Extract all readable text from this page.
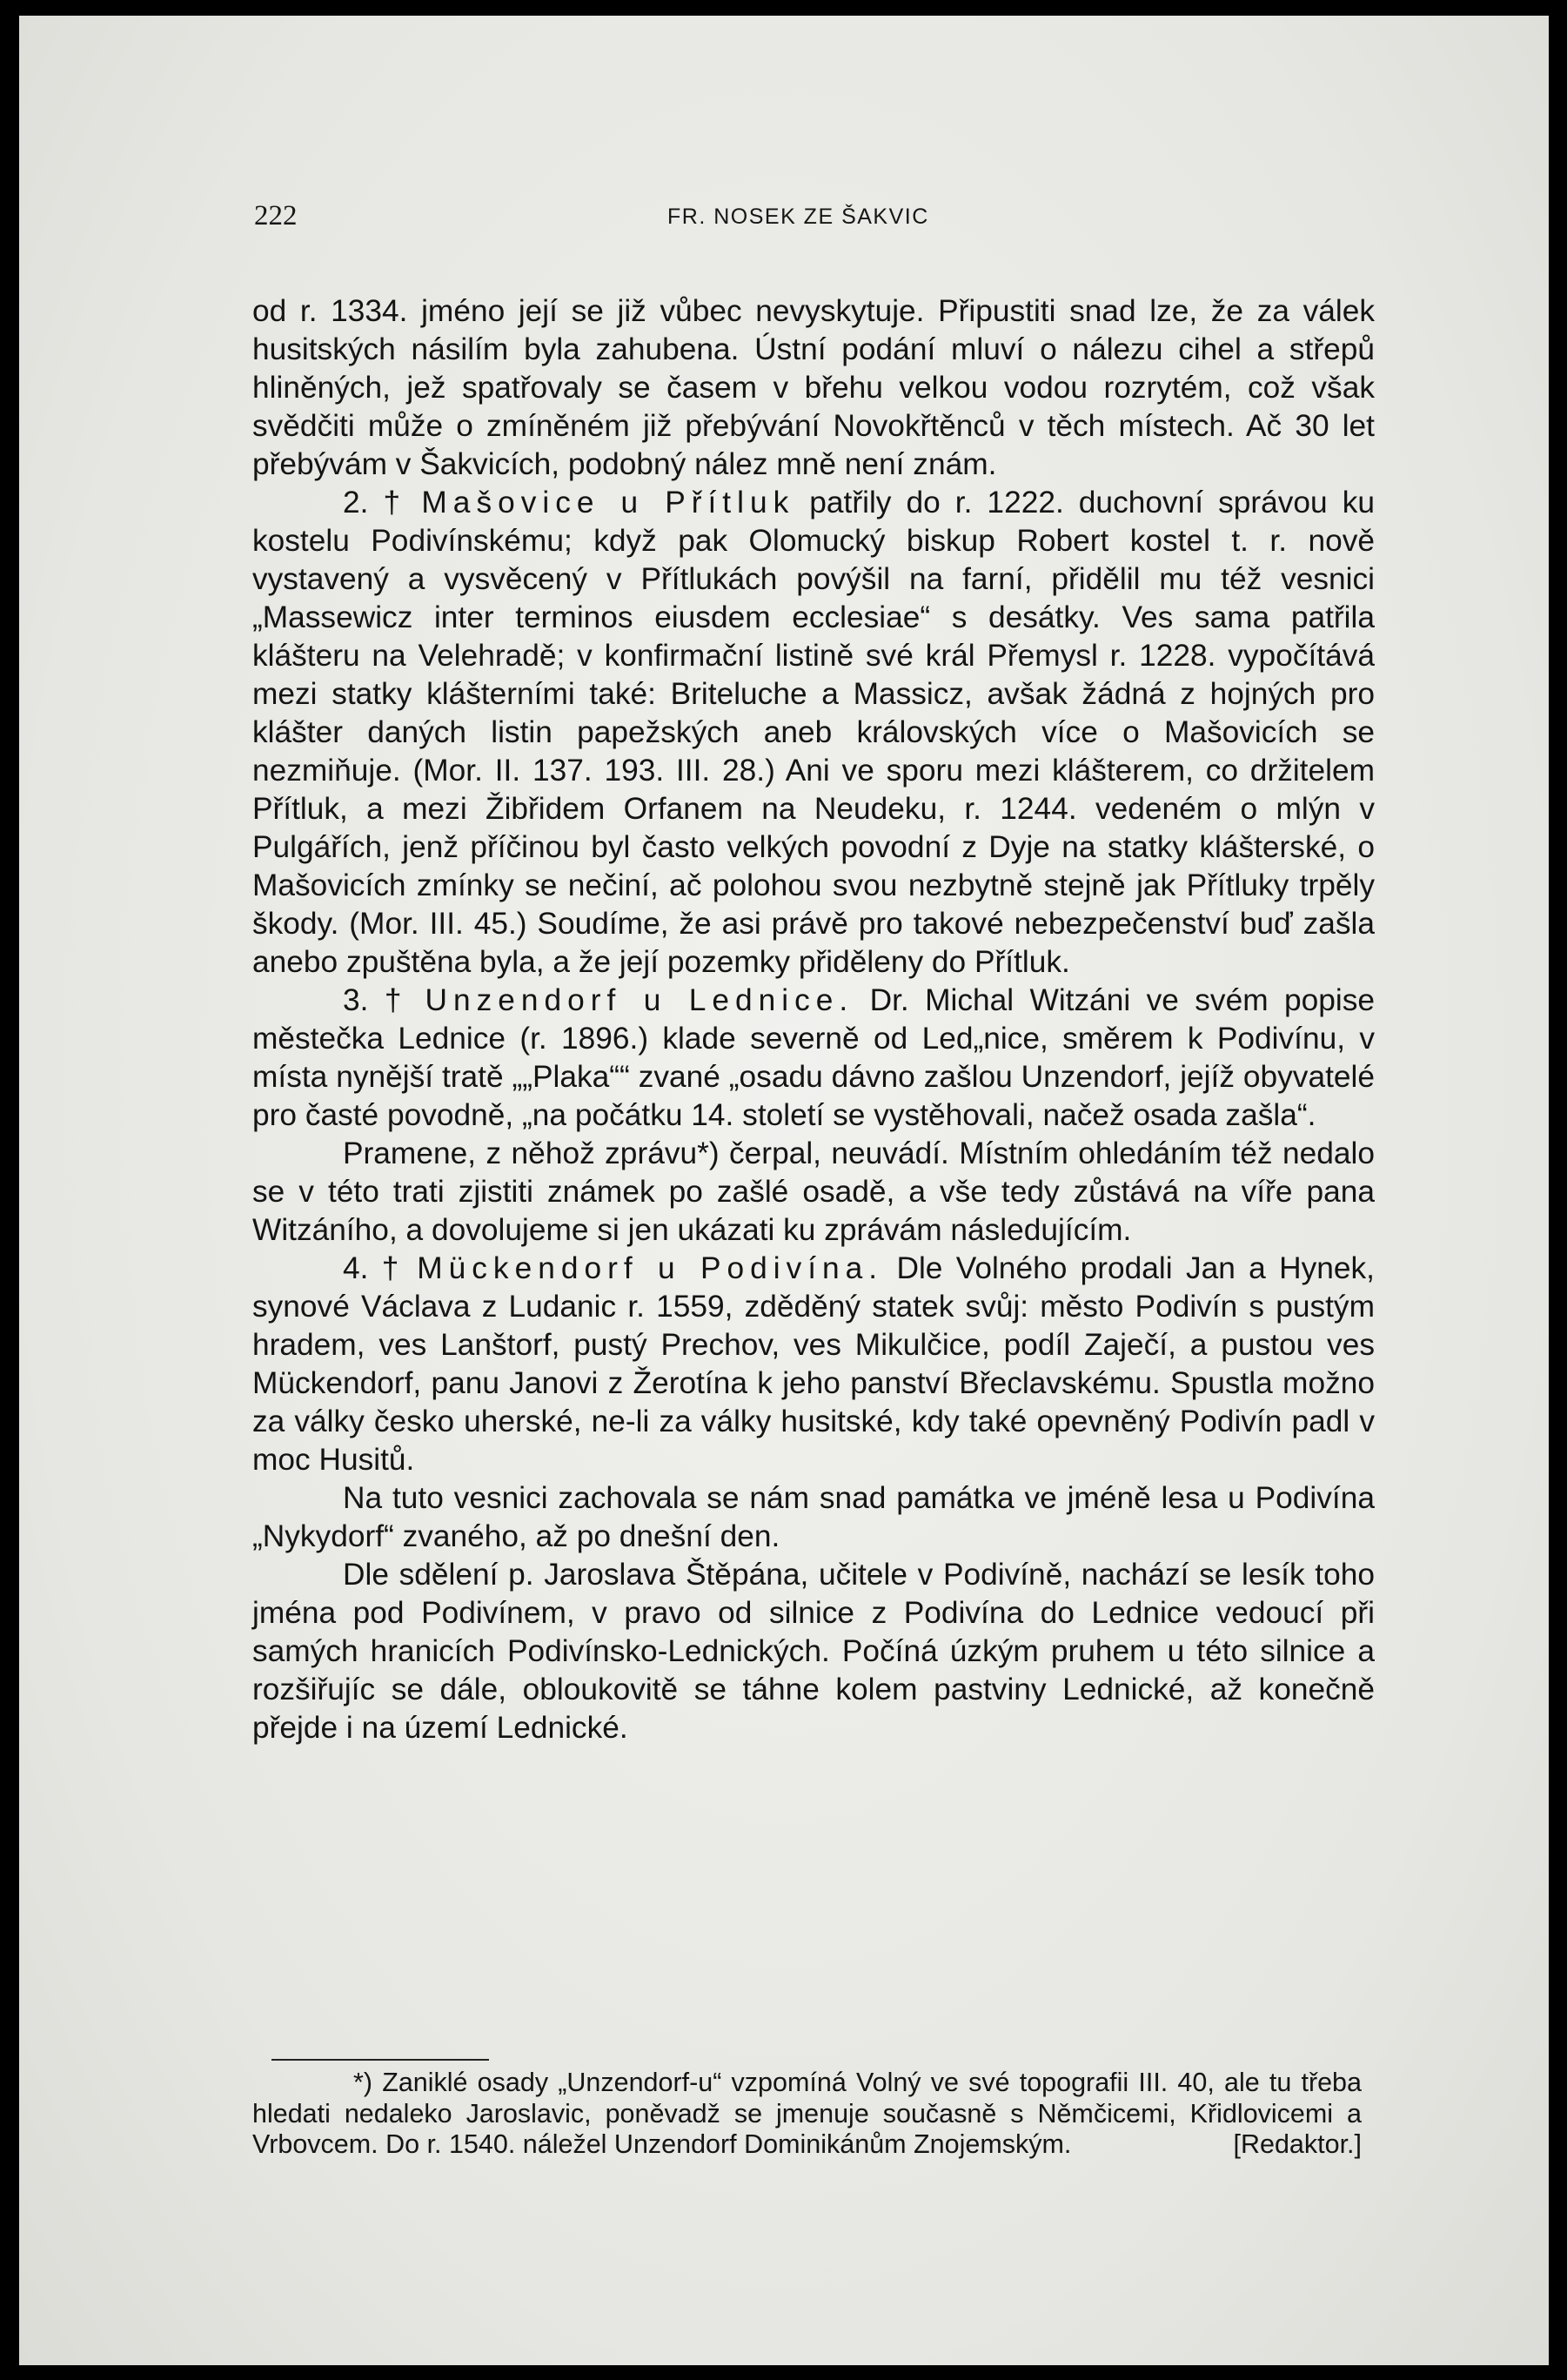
222	FR. NOSEK ZE ŠAKVIC

od r. 1334. jméno její se již vůbec nevyskytuje. Připustiti snad lze, že za válek husitských násilím byla zahubena. Ústní podání mluví o nálezu cihel a střepů hliněných, jež spatřovaly se časem v břehu velkou vodou rozrytém, což však svědčiti může o zmíněném již přebývání Novokřtěnců v těch místech. Ač 30 let přebývám v Šakvicích, podobný nález mně není znám.

2. † Mašovice u Přítluk patřily do r. 1222. duchovní správou ku kostelu Podivínskému; když pak Olomucký biskup Robert kostel t. r. nově vystavený a vysvěcený v Přítlukách povýšil na farní, přidělil mu též vesnici „Massewicz inter terminos eiusdem ecclesiae“ s desátky. Ves sama patřila klášteru na Velehradě; v konfirmační listině své král Přemysl r. 1228. vypočítává mezi statky klášterními také: Briteluche a Massicz, avšak žádná z hojných pro klášter daných listin papežských aneb královských více o Mašovicích se nezmiňuje. (Mor. II. 137. 193. III. 28.) Ani ve sporu mezi klášterem, co držitelem Přítluk, a mezi Žibřidem Orfanem na Neudeku, r. 1244. vedeném o mlýn v Pulgářích, jenž příčinou byl často velkých povodní z Dyje na statky klášterské, o Mašovicích zmínky se nečiní, ač polohou svou nezbytně stejně jak Přítluky trpěly škody. (Mor. III. 45.) Soudíme, že asi právě pro takové nebezpečenství buď zašla anebo zpuštěna byla, a že její pozemky přiděleny do Přítluk.

3. † Unzendorf u Lednice. Dr. Michal Witzáni ve svém popise městečka Lednice (r. 1896.) klade severně od Led„nice, směrem k Podivínu, v místa nynější tratě „„Plaka““ zvané „osadu dávno zašlou Unzendorf, jejíž obyvatelé pro časté povodně, „na počátku 14. století se vystěhovali, načež osada zašla“.

Pramene, z něhož zprávu*) čerpal, neuvádí. Místním ohledáním též nedalo se v této trati zjistiti známek po zašlé osadě, a vše tedy zůstává na víře pana Witzáního, a dovolujeme si jen ukázati ku zprávám následujícím.

4. † Mückendorf u Podivína. Dle Volného prodali Jan a Hynek, synové Václava z Ludanic r. 1559, zděděný statek svůj: město Podivín s pustým hradem, ves Lanštorf, pustý Prechov, ves Mikulčice, podíl Zaječí, a pustou ves Mückendorf, panu Janovi z Žerotína k jeho panství Břeclavskému. Spustla možno za války česko uherské, ne-li za války husitské, kdy také opevněný Podivín padl v moc Husitů.

Na tuto vesnici zachovala se nám snad památka ve jméně lesa u Podivína „Nykydorf“ zvaného, až po dnešní den.

Dle sdělení p. Jaroslava Štěpána, učitele v Podivíně, nachází se lesík toho jména pod Podivínem, v pravo od silnice z Podivína do Lednice vedoucí při samých hranicích Podivínsko-Lednických. Počíná úzkým pruhem u této silnice a rozšiřujíc se dále, obloukovitě se táhne kolem pastviny Lednické, až konečně přejde i na území Lednické.

*) Zaniklé osady „Unzendorf-u“ vzpomíná Volný ve své topografii III. 40, ale tu třeba hledati nedaleko Jaroslavic, poněvadž se jmenuje současně s Němčicemi, Křidlovicemi a Vrbovcem. Do r. 1540. náležel Unzendorf Dominikánům Znojemským.	[Redaktor.]
